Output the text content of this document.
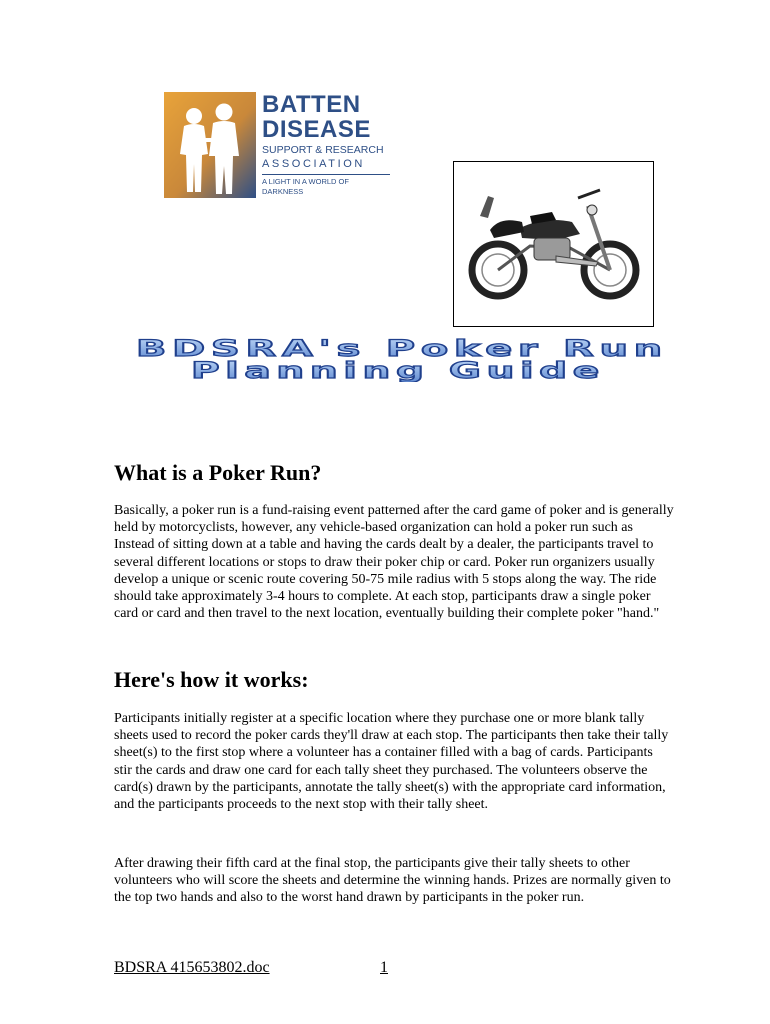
BATTEN
DISEASE
SUPPORT & RESEARCH
ASSOCIATION
A LIGHT IN A WORLD OF DARKNESS
BDSRA's Poker Run
Planning Guide
What is a Poker Run?

Basically, a poker run is a fund-raising event patterned after the card game of poker and is generally held by motorcyclists, however, any vehicle-based organization can hold a poker run such as Instead of sitting down at a table and having the cards dealt by a dealer, the participants travel to several different locations or stops to draw their poker chip or card. Poker run organizers usually develop a unique or scenic route covering 50-75 mile radius with 5 stops along the way. The ride should take approximately 3-4 hours to complete. At each stop, participants draw a single poker card or card and then travel to the next location, eventually building their complete poker "hand."

Here's how it works:

Participants initially register at a specific location where they purchase one or more blank tally sheets used to record the poker cards they'll draw at each stop. The participants then take their tally sheet(s) to the first stop where a volunteer has a container filled with a bag of cards. Participants stir the cards and draw one card for each tally sheet they purchased. The volunteers observe the card(s) drawn by the participants, annotate the tally sheet(s) with the appropriate card information, and the participants proceeds to the next stop with their tally sheet.

After drawing their fifth card at the final stop, the participants give their tally sheets to other volunteers who will score the sheets and determine the winning hands. Prizes are normally given to the top two hands and also to the worst hand drawn by participants in the poker run.

BDSRA 415653802.doc	1
